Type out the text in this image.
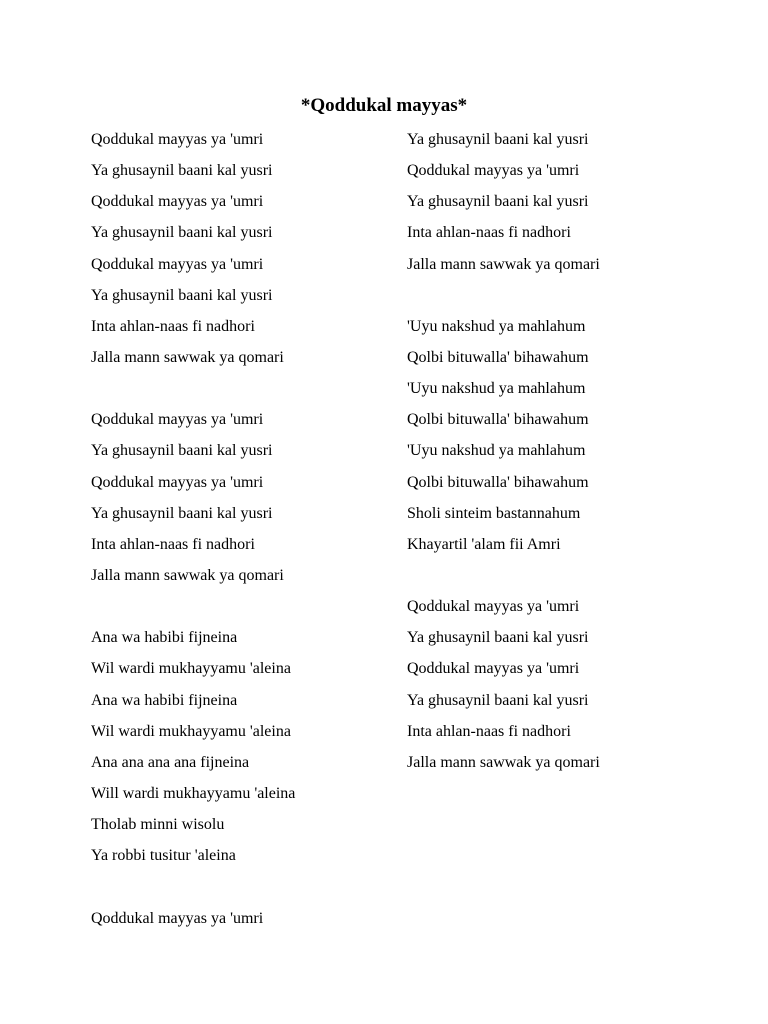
*Qoddukal mayyas*
Qoddukal mayyas ya 'umri
Ya ghusaynil baani kal yusri
Qoddukal mayyas ya 'umri
Ya ghusaynil baani kal yusri
Qoddukal mayyas ya 'umri
Ya ghusaynil baani kal yusri
Inta ahlan-naas fi nadhori
Jalla mann sawwak ya qomari
Qoddukal mayyas ya 'umri
Ya ghusaynil baani kal yusri
Qoddukal mayyas ya 'umri
Ya ghusaynil baani kal yusri
Inta ahlan-naas fi nadhori
Jalla mann sawwak ya qomari
Ana wa habibi fijneina
Wil wardi mukhayyamu 'aleina
Ana wa habibi fijneina
Wil wardi mukhayyamu 'aleina
Ana ana ana ana fijneina
Will wardi mukhayyamu 'aleina
Tholab minni wisolu
Ya robbi tusitur 'aleina
Qoddukal mayyas ya 'umri
Ya ghusaynil baani kal yusri
Qoddukal mayyas ya 'umri
Ya ghusaynil baani kal yusri
Inta ahlan-naas fi nadhori
Jalla mann sawwak ya qomari
'Uyu nakshud ya mahlahum
Qolbi bituwalla' bihawahum
'Uyu nakshud ya mahlahum
Qolbi bituwalla' bihawahum
'Uyu nakshud ya mahlahum
Qolbi bituwalla' bihawahum
Sholi sinteim bastannahum
Khayartil 'alam fii Amri
Qoddukal mayyas ya 'umri
Ya ghusaynil baani kal yusri
Qoddukal mayyas ya 'umri
Ya ghusaynil baani kal yusri
Inta ahlan-naas fi nadhori
Jalla mann sawwak ya qomari
